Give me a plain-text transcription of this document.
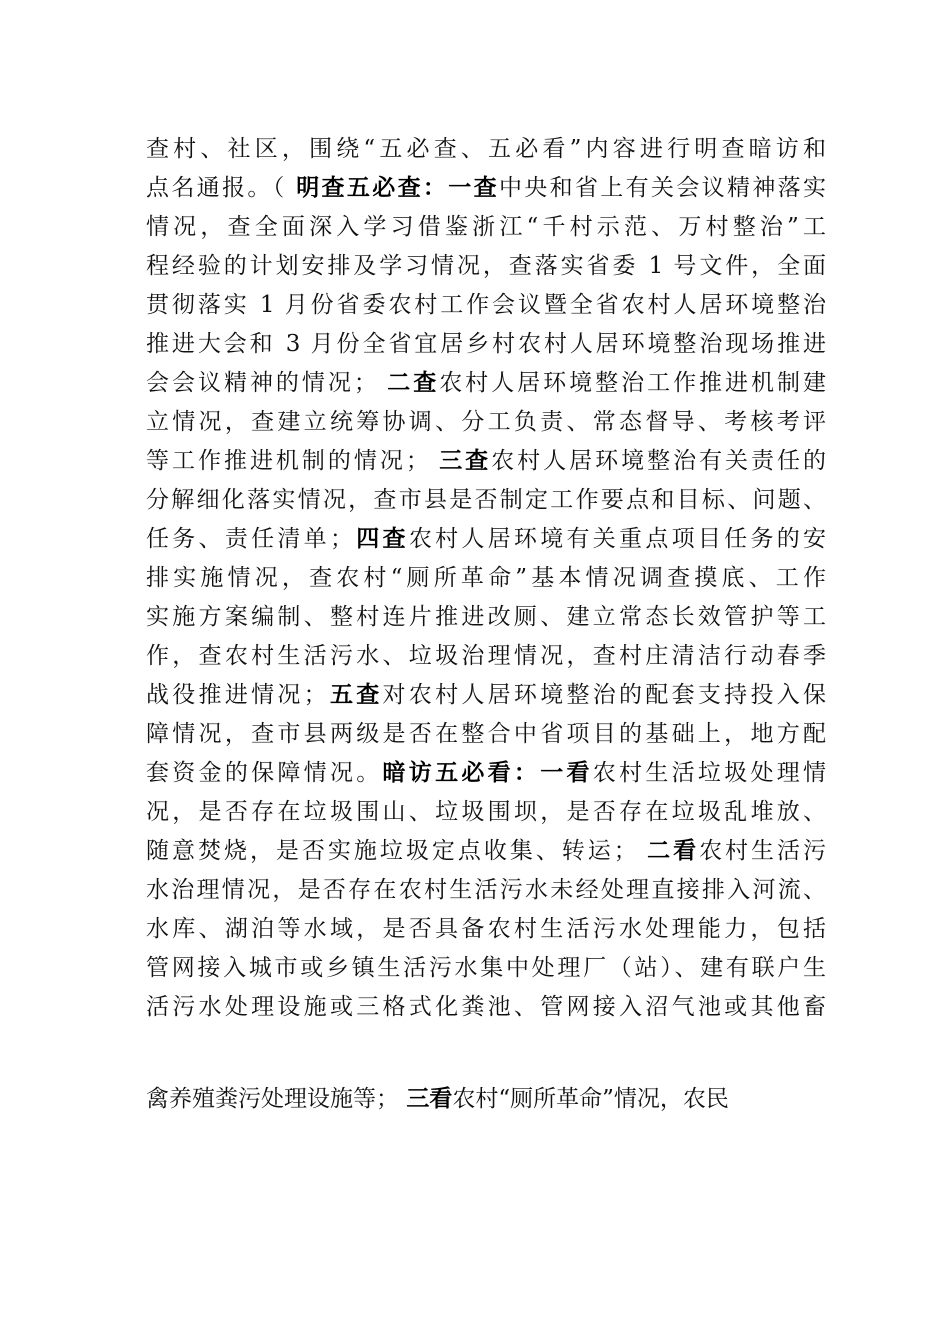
查村、社区，围绕“五必查、五必看”内容进行明查暗访和
点名通报。（ 明查五必查：一查中央和省上有关会议精神落实
情况，查全面深入学习借鉴浙江“千村示范、万村整治”工
程经验的计划安排及学习情况，查落实省委 1 号文件，全面
贯彻落实 1 月份省委农村工作会议暨全省农村人居环境整治
推进大会和 3 月份全省宜居乡村农村人居环境整治现场推进
会会议精神的情况； 二查农村人居环境整治工作推进机制建
立情况，查建立统筹协调、分工负责、常态督导、考核考评
等工作推进机制的情况； 三查农村人居环境整治有关责任的
分解细化落实情况，查市县是否制定工作要点和目标、问题、
任务、责任清单；四查农村人居环境有关重点项目任务的安
排实施情况，查农村“厕所革命”基本情况调查摸底、工作
实施方案编制、整村连片推进改厕、建立常态长效管护等工
作，查农村生活污水、垃圾治理情况，查村庄清洁行动春季
战役推进情况；五查对农村人居环境整治的配套支持投入保
障情况，查市县两级是否在整合中省项目的基础上，地方配
套资金的保障情况。暗访五必看：一看农村生活垃圾处理情
况，是否存在垃圾围山、垃圾围坝，是否存在垃圾乱堆放、
随意焚烧，是否实施垃圾定点收集、转运； 二看农村生活污
水治理情况，是否存在农村生活污水未经处理直接排入河流、
水库、湖泊等水域，是否具备农村生活污水处理能力，包括
管网接入城市或乡镇生活污水集中处理厂（站）、建有联户生
活污水处理设施或三格式化粪池、管网接入沼气池或其他畜
禽养殖粪污处理设施等； 三看农村“厕所革命”情况，农民
